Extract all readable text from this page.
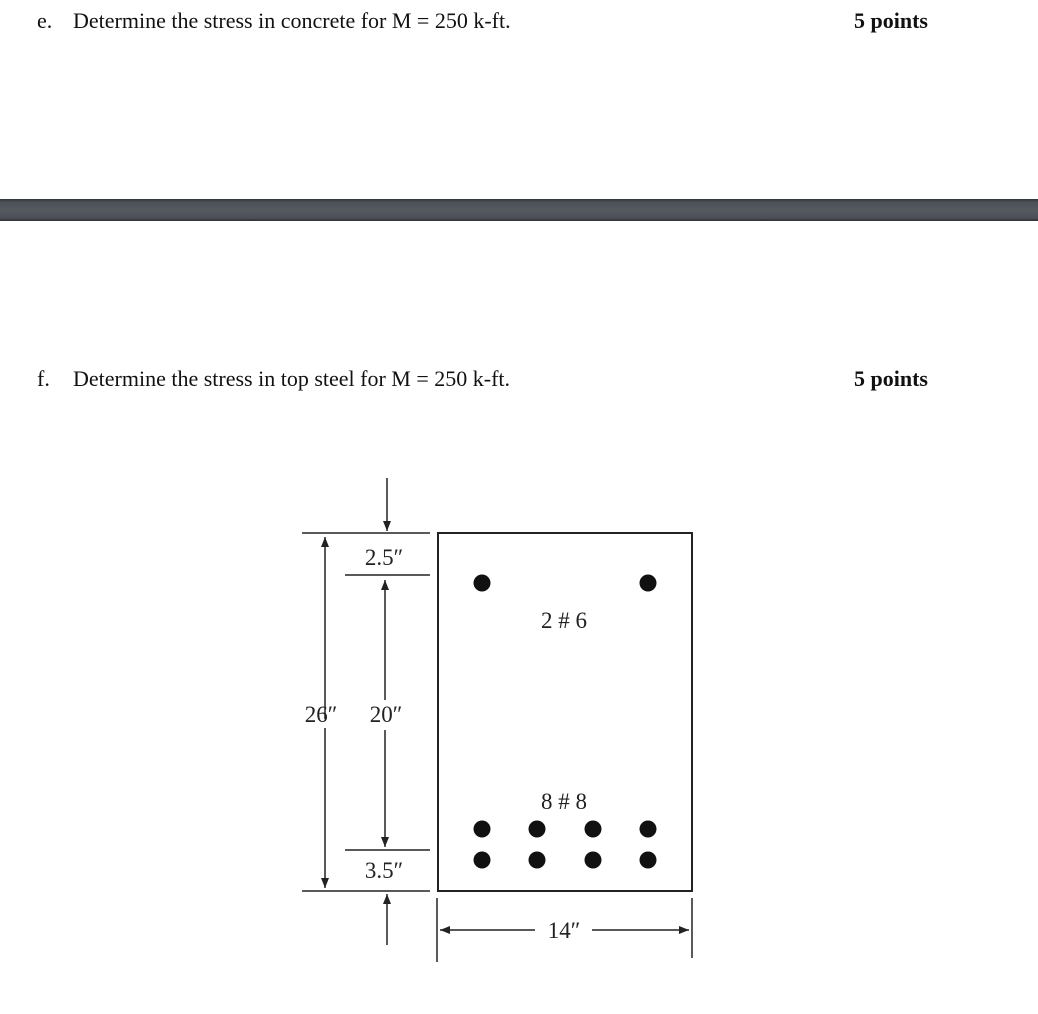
e. Determine the stress in concrete for M = 250 k-ft.	5 points
f. Determine the stress in top steel for M = 250 k-ft.	5 points
2 # 6
8 # 8
2.5″
26″ 20″
3.5″
14″
